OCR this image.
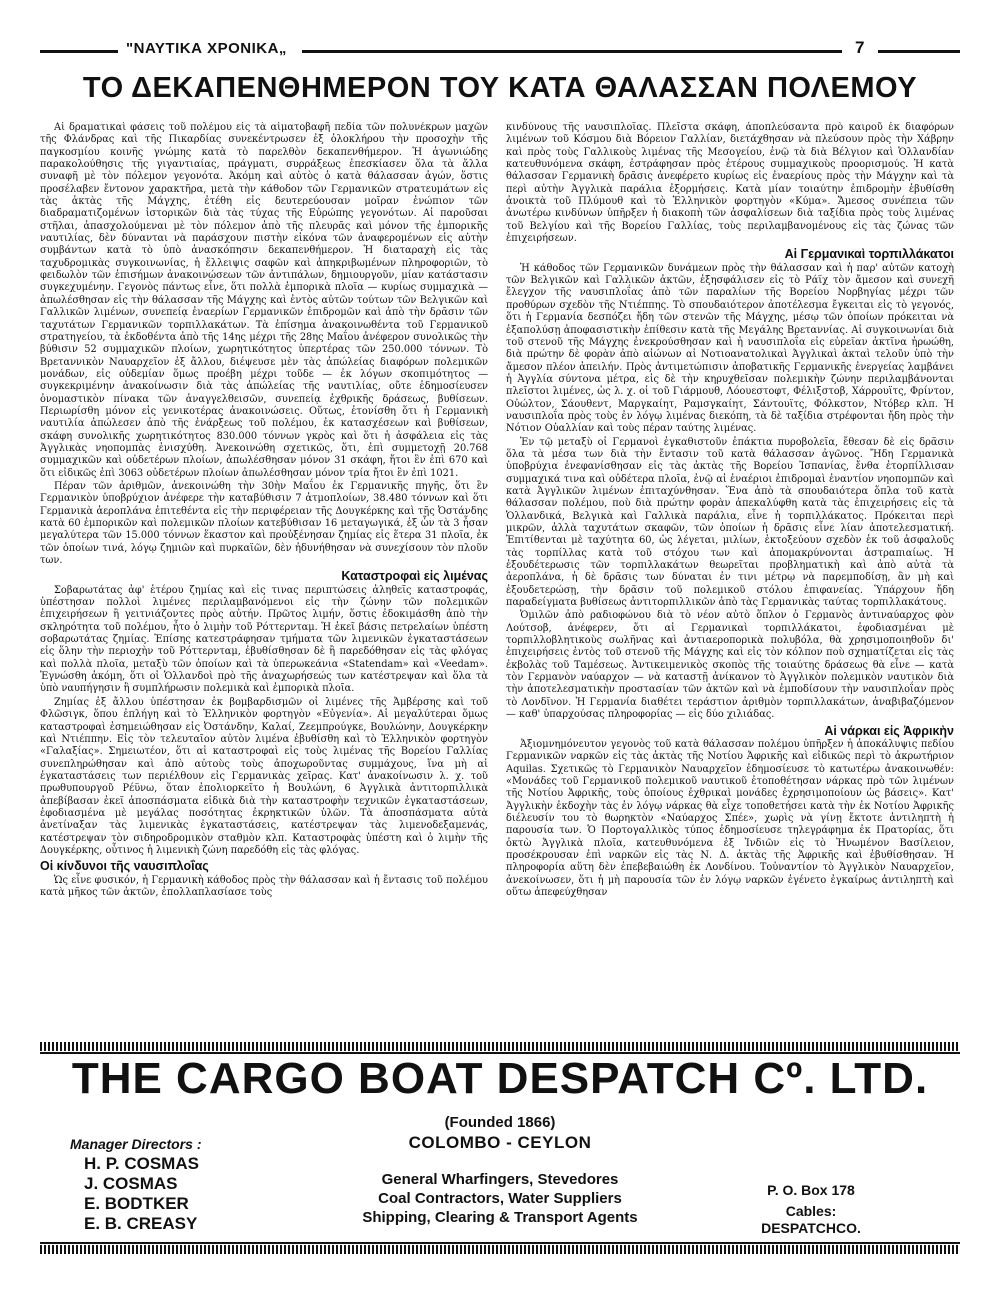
"ΝΑΥΤΙΚΑ ΧΡΟΝΙΚΑ„	7
ΤΟ ΔΕΚΑΠΕΝΘΗΜΕΡΟΝ ΤΟΥ ΚΑΤΑ ΘΑΛΑΣΣΑΝ ΠΟΛΕΜΟΥ

Αἱ δραματικαὶ φάσεις τοῦ πολέμου εἰς τὰ αἱματοβαφῆ πεδία τῶν πολυνέκρων μαχῶν τῆς Φλάνδρας καὶ τῆς Πικαρδίας συνεκέντρωσεν ἐξ ὁλοκλήρου τὴν προσοχὴν τῆς παγκοσμίου κοινῆς γνώμης κατὰ τὸ παρελθὸν δεκαπενθήμερον. Ἡ ἀγωνιώδης παρακολούθησις τῆς γιγαντιαίας, πράγματι, συρράξεως ἐπεσκίασεν ὅλα τὰ ἄλλα συναφῆ μὲ τὸν πόλεμον γεγονότα. Ἀκόμη καὶ αὐτὸς ὁ κατὰ θάλασσαν ἀγών, ὅστις προσέλαβεν ἔντονον χαρακτῆρα, μετὰ τὴν κάθοδον τῶν Γερμανικῶν στρατευμάτων εἰς τὰς ἀκτὰς τῆς Μάγχης, ἐτέθη εἰς δευτερεύουσαν μοῖραν ἐνώπιον τῶν διαδραματιζομένων ἱστορικῶν διὰ τὰς τύχας τῆς Εὐρώπης γεγονότων. Αἱ παροῦσαι στῆλαι, ἀπασχολούμεναι μὲ τὸν πόλεμον ἀπὸ τῆς πλευρᾶς καὶ μόνον τῆς ἐμπορικῆς ναυτιλίας, δὲν δύνανται νὰ παράσχουν πιστὴν εἰκόνα τῶν ἀναφερομένων εἰς αὐτὴν συμβάντων κατὰ τὸ ὑπὸ ἀνασκόπησιν δεκαπενθήμερον. Ἡ διαταραχὴ εἰς τὰς ταχυδρομικὰς συγκοινωνίας, ἡ ἔλλειψις σαφῶν καὶ ἀπηκριβωμένων πληροφοριῶν, τὸ φειδωλὸν τῶν ἐπισήμων ἀνακοινώσεων τῶν ἀντιπάλων, δημιουργοῦν, μίαν κατάστασιν συγκεχυμένην. Γεγονὸς πάντως εἶνε, ὅτι πολλὰ ἐμπορικὰ πλοῖα — κυρίως συμμαχικὰ — ἀπωλέσθησαν εἰς τὴν θάλασσαν τῆς Μάγχης καὶ ἐντὸς αὐτῶν τούτων τῶν Βελγικῶν καὶ Γαλλικῶν λιμένων, συνεπείᾳ ἐναερίων Γερμανικῶν ἐπιδρομῶν καὶ ἀπὸ τὴν δρᾶσιν τῶν ταχυτάτων Γερμανικῶν τορπιλλακάτων. Τὰ ἐπίσημα ἀνακοινωθέντα τοῦ Γερμανικοῦ στρατηγείου, τὰ ἐκδοθέντα ἀπὸ τῆς 14ης μέχρι τῆς 28ης Μαΐου ἀνέφερον συνολικῶς τὴν βύθισιν 52 συμμαχικῶν πλοίων, χωρητικότητος ὑπερτέρας τῶν 250.000 τόννων. Τὸ Βρεταννικὸν Ναυαρχεῖον ἐξ ἄλλου, διέψευσε μὲν τὰς ἀπώλείας διαφόρων πολεμικῶν μονάδων, εἰς οὐδεμίαν ὅμως προέβη μέχρι τοῦδε — ἐκ λόγων σκοπιμότητος — συγκεκριμένην ἀνακοίνωσιν διὰ τὰς ἀπώλείας τῆς ναυτιλίας, οὔτε ἐδημοσίευσεν ὀνομαστικὸν πίνακα τῶν ἀναγγελθεισῶν, συνεπείᾳ ἐχθρικῆς δράσεως, βυθίσεων. Περιωρίσθη μόνον εἰς γενικοτέρας ἀνακοινώσεις. Οὕτως, ἐτονίσθη ὅτι ἡ Γερμανικὴ ναυτιλία ἀπώλεσεν ἀπὸ τῆς ἐνάρξεως τοῦ πολέμου, ἐκ κατασχέσεων καὶ βυθίσεων, σκάφη συνολικῆς χωρητικότητος 830.000 τόννων γκρὸς καὶ ὅτι ἡ ἀσφάλεια εἰς τὰς Ἀγγλικὰς νηοπομπὰς ἐνισχύθη. Ἀνεκοινώθη σχετικῶς, ὅτι, ἐπὶ συμμετοχῇ 20.768 συμμαχικῶν καὶ οὐδετέρων πλοίων, ἀπωλέσθησαν μόνον 31 σκάφη, ἤτοι ἓν ἐπὶ 670 καὶ ὅτι εἰδικῶς ἐπὶ 3063 οὐδετέρων πλοίων ἀπωλέσθησαν μόνον τρία ἤτοι ἓν ἐπὶ 1021.

Πέραν τῶν ἀριθμῶν, ἀνεκοινώθη τὴν 30ὴν Μαΐου ἐκ Γερμανικῆς πηγῆς, ὅτι ἓν Γερμανικὸν ὑποβρύχιον ἀνέφερε τὴν καταβύθισιν 7 ἀτμοπλοίων, 38.480 τόννων καὶ ὅτι Γερμανικὰ ἀεροπλάνα ἐπιτεθέντα εἰς τὴν περιφέρειαν τῆς Δουγκέρκης καὶ τῆς Ὀστάνδης κατὰ 60 ἐμπορικῶν καὶ πολεμικῶν πλοίων κατεβύθισαν 16 μεταγωγικά, ἐξ ὧν τὰ 3 ἦσαν μεγαλύτερα τῶν 15.000 τόννων ἕκαστον καὶ προὐξένησαν ζημίας εἰς ἕτερα 31 πλοῖα, ἐκ τῶν ὁποίων τινά, λόγῳ ζημιῶν καὶ πυρκαϊῶν, δὲν ἠδυνήθησαν νὰ συνεχίσουν τὸν πλοῦν των.

Καταστροφαὶ εἰς λιμένας

Σοβαρωτάτας ἀφ' ἑτέρου ζημίας καὶ εἰς τινας περιπτώσεις ἀληθεῖς καταστροφάς, ὑπέστησαν πολλοὶ λιμένες περιλαμβανόμενοι εἰς τὴν ζώνην τῶν πολεμικῶν ἐπιχειρήσεων ἢ γειτνιάζοντες πρὸς αὐτήν. Πρῶτος λιμήν, ὅστις ἐδοκιμάσθη ἀπὸ τὴν σκληρότητα τοῦ πολέμου, ἦτο ὁ λιμὴν τοῦ Ρόττερνταμ. Ἡ ἐκεῖ βάσις πετρελαίων ὑπέστη σοβαρωτάτας ζημίας. Ἐπίσης κατεστράφησαν τμήματα τῶν λιμενικῶν ἐγκαταστάσεων εἰς ὅλην τὴν περιοχὴν τοῦ Ρόττερνταμ, ἐβυθίσθησαν δὲ ἢ παρεδόθησαν εἰς τὰς φλόγας καὶ πολλὰ πλοῖα, μεταξὺ τῶν ὁποίων καὶ τὰ ὑπερωκεάνια «Statendam» καὶ «Veedam». Ἐγνώσθη ἀκόμη, ὅτι οἱ Ὁλλανδοὶ πρὸ τῆς ἀναχωρήσεώς των κατέστρεψαν καὶ ὅλα τὰ ὑπὸ ναυπήγησιν ἢ συμπλήρωσιν πολεμικὰ καὶ ἐμπορικὰ πλοῖα.

Ζημίας ἐξ ἄλλου ὑπέστησαν ἐκ βομβαρδισμῶν οἱ λιμένες τῆς Ἀμβέρσης καὶ τοῦ Φλῶσιγκ, ὅπου ἐπλήγη καὶ τὸ Ἑλληνικὸν φορτηγὸν «Εὐγενία». Αἱ μεγαλύτεραι ὅμως καταστροφαὶ ἐσημειώθησαν εἰς Ὀστάνδην, Καλαί, Ζεεμπρούγκε, Βουλώνην, Δουγκέρκην καὶ Ντιέππην. Εἰς τὸν τελευταῖον αὐτὸν λιμένα ἐβυθίσθη καὶ τὸ Ἑλληνικὸν φορτηγὸν «Γαλαξίας». Σημειωτέον, ὅτι αἱ καταστροφαὶ εἰς τοὺς λιμένας τῆς Βορείου Γαλλίας συνεπληρώθησαν καὶ ἀπὸ αὐτοὺς τοὺς ἀποχωροῦντας συμμάχους, ἵνα μὴ αἱ ἐγκαταστάσεις των περιέλθουν εἰς Γερμανικὰς χεῖρας. Κατ' ἀνακοίνωσιν λ. χ. τοῦ πρωθυπουργοῦ Ρέϋνω, ὅταν ἐπολιορκεῖτο ἡ Βουλώνη, 6 Ἀγγλικὰ ἀντιτορπιλλικὰ ἀπεβίβασαν ἐκεῖ ἀποσπάσματα εἰδικὰ διὰ τὴν καταστροφὴν τεχνικῶν ἐγκαταστάσεων, ἐφοδιασμένα μὲ μεγάλας ποσότητας ἐκρηκτικῶν ὑλῶν. Τὰ ἀποσπάσματα αὐτὰ ἀνετίναξαν τὰς λιμενικὰς ἐγκαταστάσεις, κατέστρεψαν τὰς λιμενοδεξαμενάς, κατέστρεψαν τὸν σιδηροδρομικὸν σταθμὸν κλπ. Καταστροφὰς ὑπέστη καὶ ὁ λιμὴν τῆς Δουγκέρκης, οὗτινος ἡ λιμενικὴ ζώνη παρεδόθη εἰς τὰς φλόγας.

Οἱ κίνδυνοι τῆς ναυσιπλοΐας

Ὡς εἶνε φυσικόν, ἡ Γερμανικὴ κάθοδος πρὸς τὴν θάλασσαν καὶ ἡ ἔντασις τοῦ πολέμου κατὰ μῆκος τῶν ἀκτῶν, ἐπολλαπλασίασε τοὺς

κινδύνους τῆς ναυσιπλοΐας. Πλεῖστα σκάφη, ἀποπλεύσαντα πρὸ καιροῦ ἐκ διαφόρων λιμένων τοῦ Κόσμου διὰ Βόρειον Γαλλίαν, διετάχθησαν νὰ πλεύσουν πρὸς τὴν Χάβρην καὶ πρὸς τοὺς Γαλλικοὺς λιμένας τῆς Μεσογείου, ἐνῷ τὰ διὰ Βέλγιον καὶ Ὁλλανδίαν κατευθυνόμενα σκάφη, ἐστράφησαν πρὸς ἑτέρους συμμαχικοὺς προορισμούς. Ἡ κατὰ θάλασσαν Γερμανικὴ δρᾶσις ἀνεφέρετο κυρίως εἰς ἐναερίους πρὸς τὴν Μάγχην καὶ τὰ περὶ αὐτὴν Ἀγγλικὰ παράλια ἐξορμήσεις. Κατὰ μίαν τοιαύτην ἐπιδρομὴν ἐβυθίσθη ἀνοικτὰ τοῦ Πλύμουθ καὶ τὸ Ἑλληνικὸν φορτηγὸν «Κύμα». Ἄμεσος συνέπεια τῶν ἀνωτέρω κινδύνων ὑπῆρξεν ἡ διακοπὴ τῶν ἀσφαλίσεων διὰ ταξίδια πρὸς τοὺς λιμένας τοῦ Βελγίου καὶ τῆς Βορείου Γαλλίας, τοὺς περιλαμβανομένους εἰς τὰς ζώνας τῶν ἐπιχειρήσεων.

Αἱ Γερμανικαὶ τορπιλλάκατοι

Ἡ κάθοδος τῶν Γερμανικῶν δυνάμεων πρὸς τὴν θάλασσαν καὶ ἡ παρ' αὐτῶν κατοχὴ τῶν Βελγικῶν καὶ Γαλλικῶν ἀκτῶν, ἐξησφάλισεν εἰς τὸ Ράϊχ τὸν ἄμεσον καὶ συνεχῆ ἔλεγχον τῆς ναυσιπλοΐας ἀπὸ τῶν παραλίων τῆς Βορείου Νορβηγίας μέχρι τῶν προθύρων σχεδὸν τῆς Ντιέππης. Τὸ σπουδαιότερον ἀποτέλεσμα ἔγκειται εἰς τὸ γεγονός, ὅτι ἡ Γερμανία δεσπόζει ἤδη τῶν στενῶν τῆς Μάγχης, μέσῳ τῶν ὁποίων πρόκειται νὰ ἐξαπολύσῃ ἀποφασιστικὴν ἐπίθεσιν κατὰ τῆς Μεγάλης Βρεταννίας. Αἱ συγκοινωνίαι διὰ τοῦ στενοῦ τῆς Μάγχης ἐνεκρούσθησαν καὶ ἡ ναυσιπλοΐα εἰς εὐρεῖαν ἀκτῖνα ἠρωώθη, διὰ πρώτην δὲ φορὰν ἀπὸ αἰώνων αἱ Νοτιοανατολικαὶ Ἀγγλικαὶ ἀκταὶ τελοῦν ὑπὸ τὴν ἄμεσον πλέον ἀπειλήν. Πρὸς ἀντιμετώπισιν ἀποβατικῆς Γερμανικῆς ἐνεργείας λαμβάνει ἡ Ἀγγλία σύντονα μέτρα, εἰς δὲ τὴν κηρυχθεῖσαν πολεμικὴν ζώνην περιλαμβάνονται πλεῖστοι λιμένες, ὡς λ. χ. οἱ τοῦ Γιάρμουθ, Λόουεστοφτ, Φέλιξστοβ, Χάρρουϊτς, Φρίντον, Οὐώλτον, Σάουθεντ, Μαργκαίητ, Ραμσγκαίητ, Σάντουϊτς, Φόλκστον, Ντόβερ κλπ. Ἡ ναυσιπλοΐα πρὸς τοὺς ἐν λόγῳ λιμένας διεκόπη, τὰ δὲ ταξίδια στρέφονται ἤδη πρὸς τὴν Νότιον Οὐαλλίαν καὶ τοὺς πέραν ταύτης λιμένας.

Ἐν τῷ μεταξὺ οἱ Γερμανοὶ ἐγκαθιστοῦν ἐπάκτια πυροβολεῖα, ἔθεσαν δὲ εἰς δρᾶσιν ὅλα τὰ μέσα των διὰ τὴν ἔντασιν τοῦ κατὰ θάλασσαν ἀγῶνος. Ἤδη Γερμανικὰ ὑποβρύχια ἐνεφανίσθησαν εἰς τὰς ἀκτὰς τῆς Βορείου Ἰσπανίας, ἔνθα ἐτορπίλλισαν συμμαχικά τινα καὶ οὐδέτερα πλοῖα, ἐνῷ αἱ ἐναέριοι ἐπιδρομαὶ ἐναντίον νηοπομπῶν καὶ κατὰ Ἀγγλικῶν λιμένων ἐπιταχύνθησαν. Ἕνα ἀπὸ τὰ σπουδαιότερα ὅπλα τοῦ κατὰ θάλασσαν πολέμου, ποὺ διὰ πρώτην φορὰν ἀπεκαλύφθη κατὰ τὰς ἐπιχειρήσεις εἰς τὰ Ὁλλανδικά, Βελγικὰ καὶ Γαλλικὰ παράλια, εἶνε ἡ τορπιλλάκατος. Πρόκειται περὶ μικρῶν, ἀλλὰ ταχυτάτων σκαφῶν, τῶν ὁποίων ἡ δρᾶσις εἶνε λίαν ἀποτελεσματική. Ἐπιτίθενται μὲ ταχύτητα 60, ὡς λέγεται, μιλίων, ἐκτοξεύουν σχεδὸν ἐκ τοῦ ἀσφαλοῦς τὰς τορπίλλας κατὰ τοῦ στόχου των καὶ ἀπομακρύνονται ἀστραπιαίως. Ἡ ἐξουδέτερωσις τῶν τορπιλλακάτων θεωρεῖται προβληματικὴ καὶ ἀπὸ αὐτὰ τὰ ἀεροπλάνα, ἡ δὲ δρᾶσις των δύναται ἐν τινι μέτρῳ νὰ παρεμποδίσῃ, ἂν μὴ καὶ ἐξουδετερώσῃ, τὴν δρᾶσιν τοῦ πολεμικοῦ στόλου ἐπιφανείας. Ὑπάρχουν ἤδη παραδείγματα βυθίσεως ἀντιτορπιλλικῶν ἀπὸ τὰς Γερμανικὰς ταύτας τορπιλλακάτους.

Ὁμιλῶν ἀπὸ ραδιοφώνου διὰ τὸ νέον αὐτὸ ὅπλον ὁ Γερμανὸς ἀντιναύαρχος φὸν Λούτσοβ, ἀνέφερεν, ὅτι αἱ Γερμανικαὶ τορπιλλάκατοι, ἐφοδιασμέναι μὲ τορπιλλοβλητικοὺς σωλῆνας καὶ ἀντιαεροπορικὰ πολυβόλα, θὰ χρησιμοποιηθοῦν δι' ἐπιχειρήσεις ἐντὸς τοῦ στενοῦ τῆς Μάγχης καὶ εἰς τὸν κόλπον ποὺ σχηματίζεται εἰς τὰς ἐκβολὰς τοῦ Ταμέσεως. Ἀντικειμενικὸς σκοπὸς τῆς τοιαύτης δράσεως θὰ εἶνε — κατὰ τὸν Γερμανὸν ναύαρχον — νὰ καταστῇ ἀνίκανον τὸ Ἀγγλικὸν πολεμικὸν ναυτικὸν διὰ τὴν ἀποτελεσματικὴν προστασίαν τῶν ἀκτῶν καὶ νὰ ἐμποδίσουν τὴν ναυσιπλοΐαν πρὸς τὸ Λονδῖνον. Ἡ Γερμανία διαθέτει τεράστιον ἀριθμὸν τορπιλλακάτων, ἀναβιβαζόμενον — καθ' ὑπαρχούσας πληροφορίας — εἰς δύο χιλιάδας.

Αἱ νάρκαι εἰς Ἀφρικὴν

Ἀξιομνημόνευτον γεγονὸς τοῦ κατὰ θάλασσαν πολέμου ὑπῆρξεν ἡ ἀποκάλυψις πεδίου Γερμανικῶν ναρκῶν εἰς τὰς ἀκτὰς τῆς Νοτίου Ἀφρικῆς καὶ εἰδικῶς περὶ τὸ ἀκρωτήριον Aquilas. Σχετικῶς τὸ Γερμανικὸν Ναυαρχεῖον ἐδημοσίευσε τὸ κατωτέρω ἀνακοινωθέν: «Μονάδες τοῦ Γερμανικοῦ πολεμικοῦ ναυτικοῦ ἐτοποθέτησαν νάρκας πρὸ τῶν λιμένων τῆς Νοτίου Ἀφρικῆς, τοὺς ὁποίους ἐχθρικαὶ μονάδες ἐχρησιμοποίουν ὡς βάσεις». Κατ' Ἀγγλικὴν ἐκδοχὴν τὰς ἐν λόγῳ νάρκας θὰ εἶχε τοποθετήσει κατὰ τὴν ἐκ Νοτίου Ἀφρικῆς διέλευσίν του τὸ θωρηκτὸν «Ναύαρχος Σπέε», χωρὶς νὰ γίνῃ ἔκτοτε ἀντιληπτὴ ἡ παρουσία των. Ὁ Πορτογαλλικὸς τύπος ἐδημοσίευσε τηλεγράφημα ἐκ Πρατορίας, ὅτι ὀκτὼ Ἀγγλικὰ πλοῖα, κατευθυνόμενα ἐξ Ἰνδιῶν εἰς τὸ Ἡνωμένον Βασίλειον, προσέκρουσαν ἐπὶ ναρκῶν εἰς τὰς Ν. Δ. ἀκτὰς τῆς Ἀφρικῆς καὶ ἐβυθίσθησαν. Ἡ πληροφορία αὕτη δὲν ἐπεβεβαιώθη ἐκ Λονδίνου. Τοὐναντίον τὸ Ἀγγλικὸν Ναυαρχεῖον, ἀνεκοίνωσεν, ὅτι ἡ μὴ παρουσία τῶν ἐν λόγῳ ναρκῶν ἐγένετο ἐγκαίρως ἀντιληπτὴ καὶ οὕτω ἀπεφεύχθησαν

THE CARGO BOAT DESPATCH Cº. LTD.
(Founded 1866)
COLOMBO - CEYLON
Manager Directors :
H. P. COSMAS
J. COSMAS
E. BODTKER
E. B. CREASY
General Wharfingers, Stevedores
Coal Contractors, Water Suppliers
Shipping, Clearing & Transport Agents
P. O. Box 178
Cables:
DESPATCHCO.
